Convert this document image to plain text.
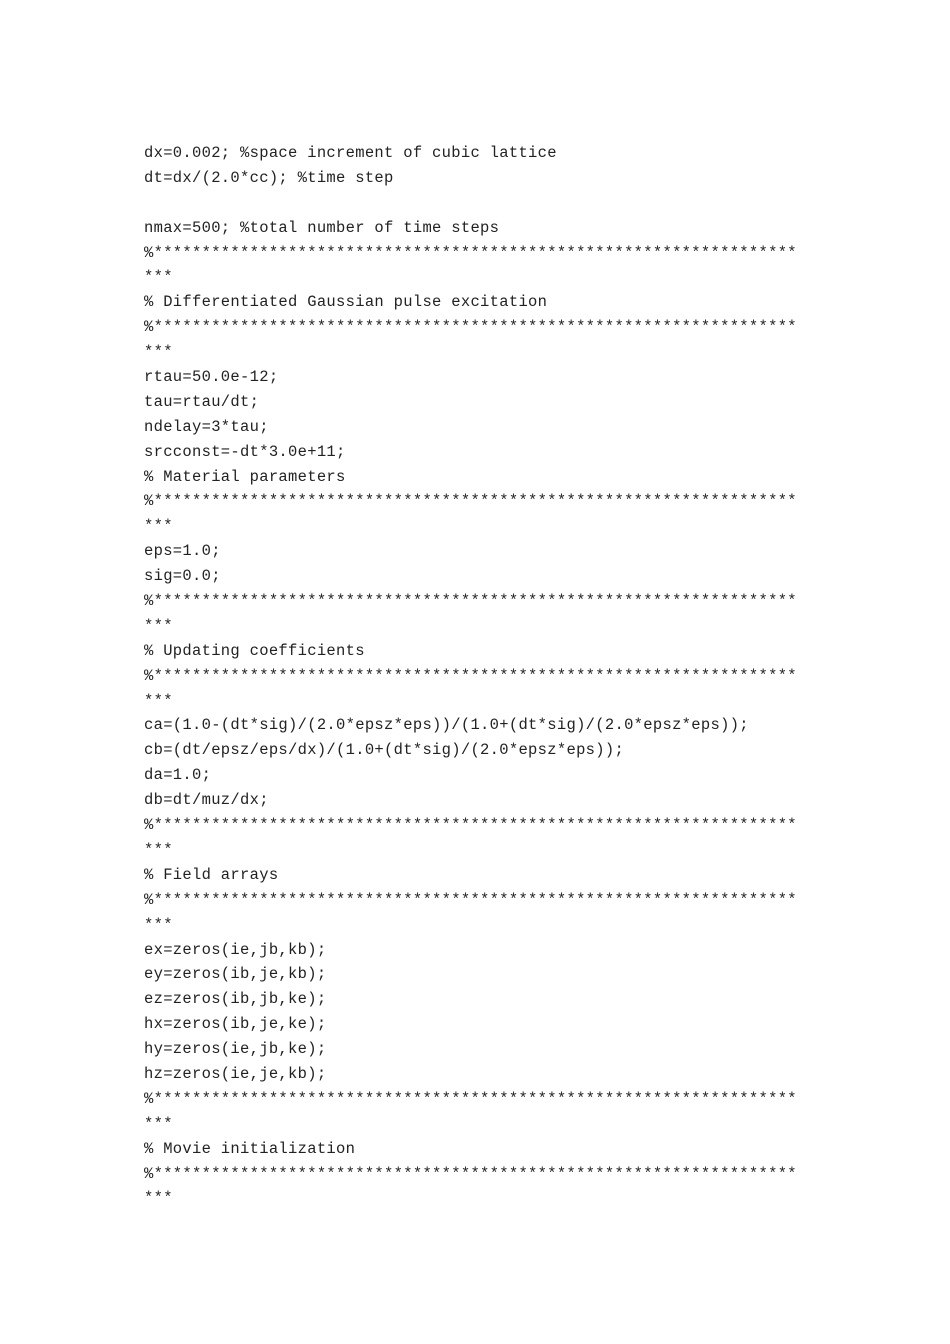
dx=0.002; %space increment of cubic lattice
dt=dx/(2.0*cc); %time step
nmax=500; %total number of time steps
%*******************************************************************
***
% Differentiated Gaussian pulse excitation
%*******************************************************************
***
rtau=50.0e-12;
tau=rtau/dt;
ndelay=3*tau;
srcconst=-dt*3.0e+11;
% Material parameters
%*******************************************************************
***
eps=1.0;
sig=0.0;
%*******************************************************************
***
% Updating coefficients
%*******************************************************************
***
ca=(1.0-(dt*sig)/(2.0*epsz*eps))/(1.0+(dt*sig)/(2.0*epsz*eps));
cb=(dt/epsz/eps/dx)/(1.0+(dt*sig)/(2.0*epsz*eps));
da=1.0;
db=dt/muz/dx;
%*******************************************************************
***
% Field arrays
%*******************************************************************
***
ex=zeros(ie,jb,kb);
ey=zeros(ib,je,kb);
ez=zeros(ib,jb,ke);
hx=zeros(ib,je,ke);
hy=zeros(ie,jb,ke);
hz=zeros(ie,je,kb);
%*******************************************************************
***
% Movie initialization
%*******************************************************************
***
